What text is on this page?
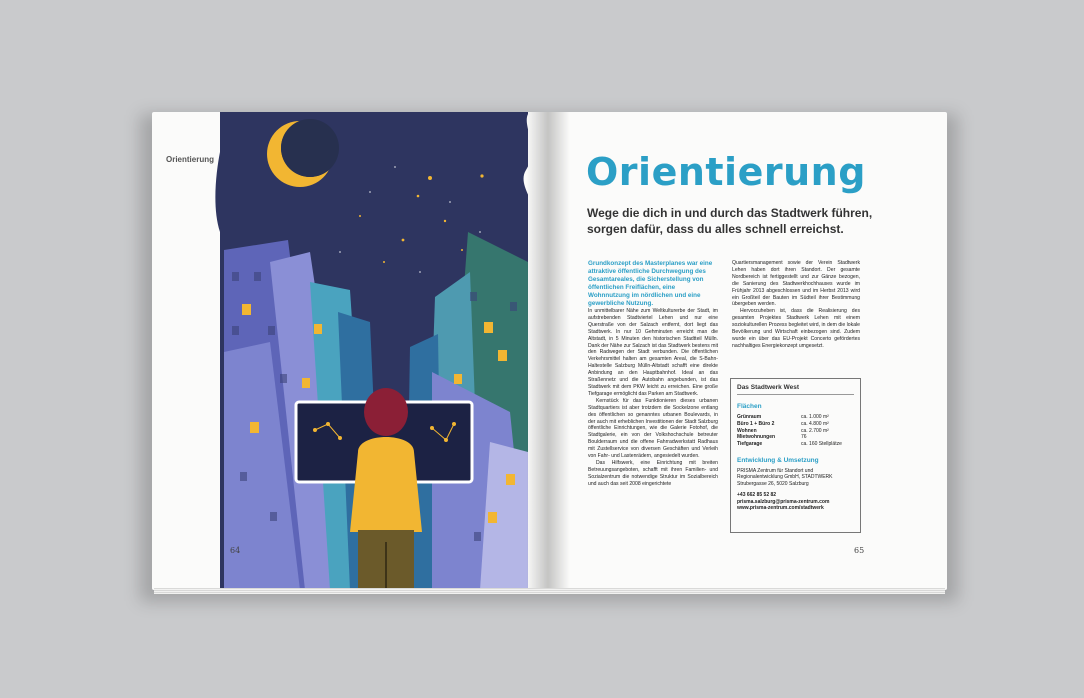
Orientierung
64
Orientierung
Wege die dich in und durch das Stadtwerk führen, sorgen dafür, dass du alles schnell erreichst.

Grundkonzept des Masterplanes war eine attraktive öffentliche Durchwegung des Gesamtareales, die Sicherstellung von öffentlichen Freiflächen, eine Wohnnutzung im nördlichen und eine gewerbliche Nutzung.

In unmittelbarer Nähe zum Weltkulturerbe der Stadt, im aufstrebenden Stadtviertel Lehen und nur eine Querstraße von der Salzach entfernt, dort liegt das Stadtwerk. In nur 10 Gehminuten erreicht man die Altstadt, in 5 Minuten den historischen Stadtteil Mülln. Dank der Nähe zur Salzach ist das Stadtwerk bestens mit den Radwegen der Stadt verbunden. Die öffentlichen Verkehrsmittel halten am gesamten Areal, die S-Bahn-Haltestelle Salzburg Mülln-Altstadt schafft eine direkte Anbindung an den Hauptbahnhof. Ideal an das Straßennetz und die Autobahn angebunden, ist das Stadtwerk mit dem PKW leicht zu erreichen. Eine große Tiefgarage ermöglicht das Parken am Stadtwerk.

Kernstück für das Funktionieren dieses urbanen Stadtquartiers ist aber trotzdem die Sockelzone entlang des öffentlichen so genanntes urbanen Boulevards, in der auch mit erheblichen Investitionen der Stadt Salzburg öffentliche Einrichtungen, wie die Galerie Fotohof, die Stadtgalerie, ein von der Volkshochschule betreuter Boulderraum und die offene Fahrradwerkstatt Radhaus mit Zustellservice von diversen Geschäften und Verleih von Fahr- und Lastenrädern, angesiedelt wurden.

Das Hilfswerk, eine Einrichtung mit breiten Betreuungsangeboten, schafft mit ihren Familien- und Sozialzentrum die notwendige Struktur im Sozialbereich und auch das seit 2008 eingerichtete

Quartiersmanagement sowie der Verein Stadtwerk Lehen haben dort ihren Standort. Der gesamte Nordbereich ist fertiggestellt und zur Gänze bezogen, die Sanierung des Stadtwerkhochhauses wurde im Frühjahr 2013 abgeschlossen und im Herbst 2013 wird ein Großteil der Bauten im Südteil ihrer Bestimmung übergeben werden.

Hervorzuheben ist, dass die Realisierung des gesamten Projektes Stadtwerk Lehen mit einem soziokulturellen Prozess begleitet wird, in dem die lokale Bevölkerung und Wirtschaft einbezogen sind. Zudem wurde ein über das EU-Projekt Concerto gefördertes nachhaltiges Energiekonzept umgesetzt.

Das Stadtwerk West
Flächen
Grünraum	ca. 1.000 m²
Büro 1 + Büro 2	ca. 4.800 m²
Wohnen	ca. 2.700 m²
Mietwohnungen	76
Tiefgarage	ca. 160 Stellplätze
Entwicklung & Umsetzung
PRISMA Zentrum für Standort und Regionalentwicklung GmbH, STADTWERK Strubergasse 26, 5020 Salzburg
+43 662 85 52 82
prisma.salzburg@prisma-zentrum.com
www.prisma-zentrum.com/stadtwerk
65
